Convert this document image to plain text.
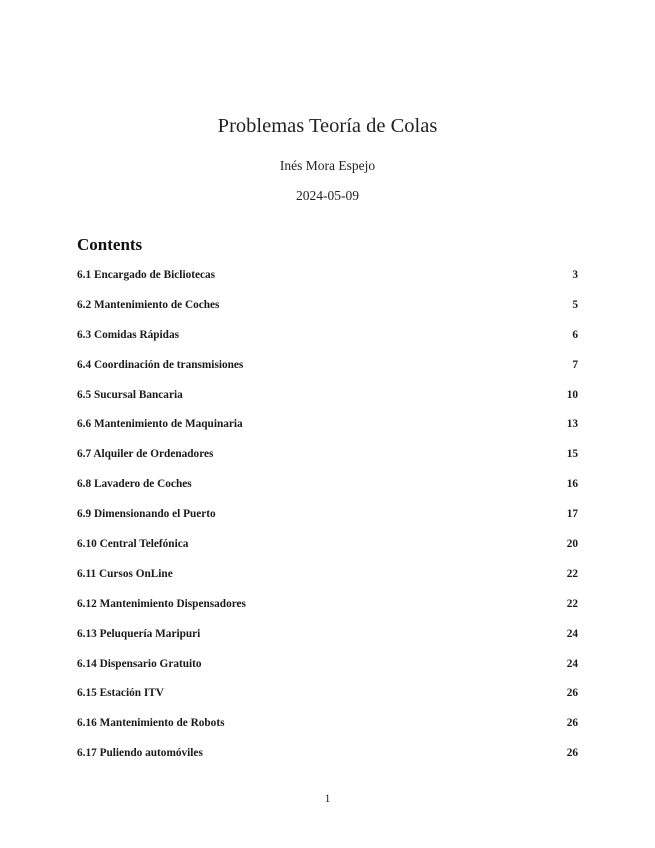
Problemas Teoría de Colas
Inés Mora Espejo
2024-05-09
Contents
6.1 Encargado de Bicliotecas	3
6.2 Mantenimiento de Coches	5
6.3 Comidas Rápidas	6
6.4 Coordinación de transmisiones	7
6.5 Sucursal Bancaria	10
6.6 Mantenimiento de Maquinaria	13
6.7 Alquiler de Ordenadores	15
6.8 Lavadero de Coches	16
6.9 Dimensionando el Puerto	17
6.10 Central Telefónica	20
6.11 Cursos OnLine	22
6.12 Mantenimiento Dispensadores	22
6.13 Peluquería Maripuri	24
6.14 Dispensario Gratuito	24
6.15 Estación ITV	26
6.16 Mantenimiento de Robots	26
6.17 Puliendo automóviles	26
1
